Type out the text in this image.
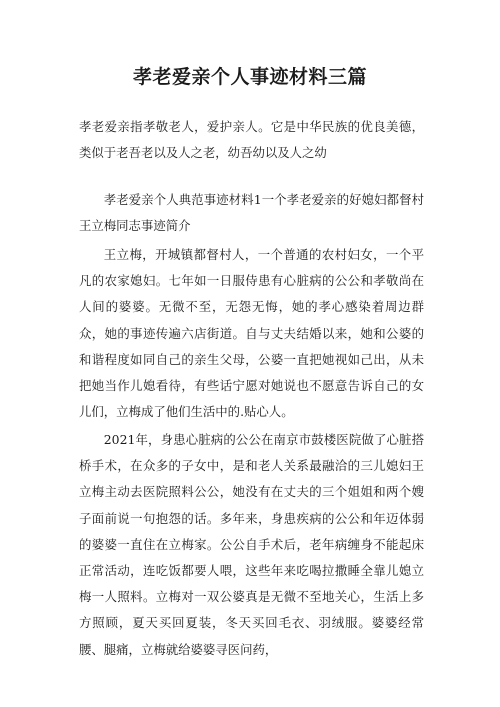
孝老爱亲个人事迹材料三篇
孝老爱亲指孝敬老人，爱护亲人。它是中华民族的优良美德，类似于老吾老以及人之老，幼吾幼以及人之幼
孝老爱亲个人典范事迹材料1一个孝老爱亲的好媳妇都督村王立梅同志事迹简介
王立梅，开城镇都督村人，一个普通的农村妇女，一个平凡的农家媳妇。七年如一日服侍患有心脏病的公公和孝敬尚在人间的婆婆。无微不至，无怨无悔，她的孝心感染着周边群众，她的事迹传遍六店街道。自与丈夫结婚以来，她和公婆的和谐程度如同自己的亲生父母，公婆一直把她视如己出，从未把她当作儿媳看待，有些话宁愿对她说也不愿意告诉自己的女儿们，立梅成了他们生活中的.贴心人。
2021年，身患心脏病的公公在南京市鼓楼医院做了心脏搭桥手术，在众多的子女中，是和老人关系最融洽的三儿媳妇王立梅主动去医院照料公公，她没有在丈夫的三个姐姐和两个嫂子面前说一句抱怨的话。多年来，身患疾病的公公和年迈体弱的婆婆一直住在立梅家。公公自手术后，老年病缠身不能起床正常活动，连吃饭都要人喂，这些年来吃喝拉撒睡全靠儿媳立梅一人照料。立梅对一双公婆真是无微不至地关心，生活上多方照顾，夏天买回夏装，冬天买回毛衣、羽绒服。婆婆经常腰、腿痛，立梅就给婆婆寻医问药，
